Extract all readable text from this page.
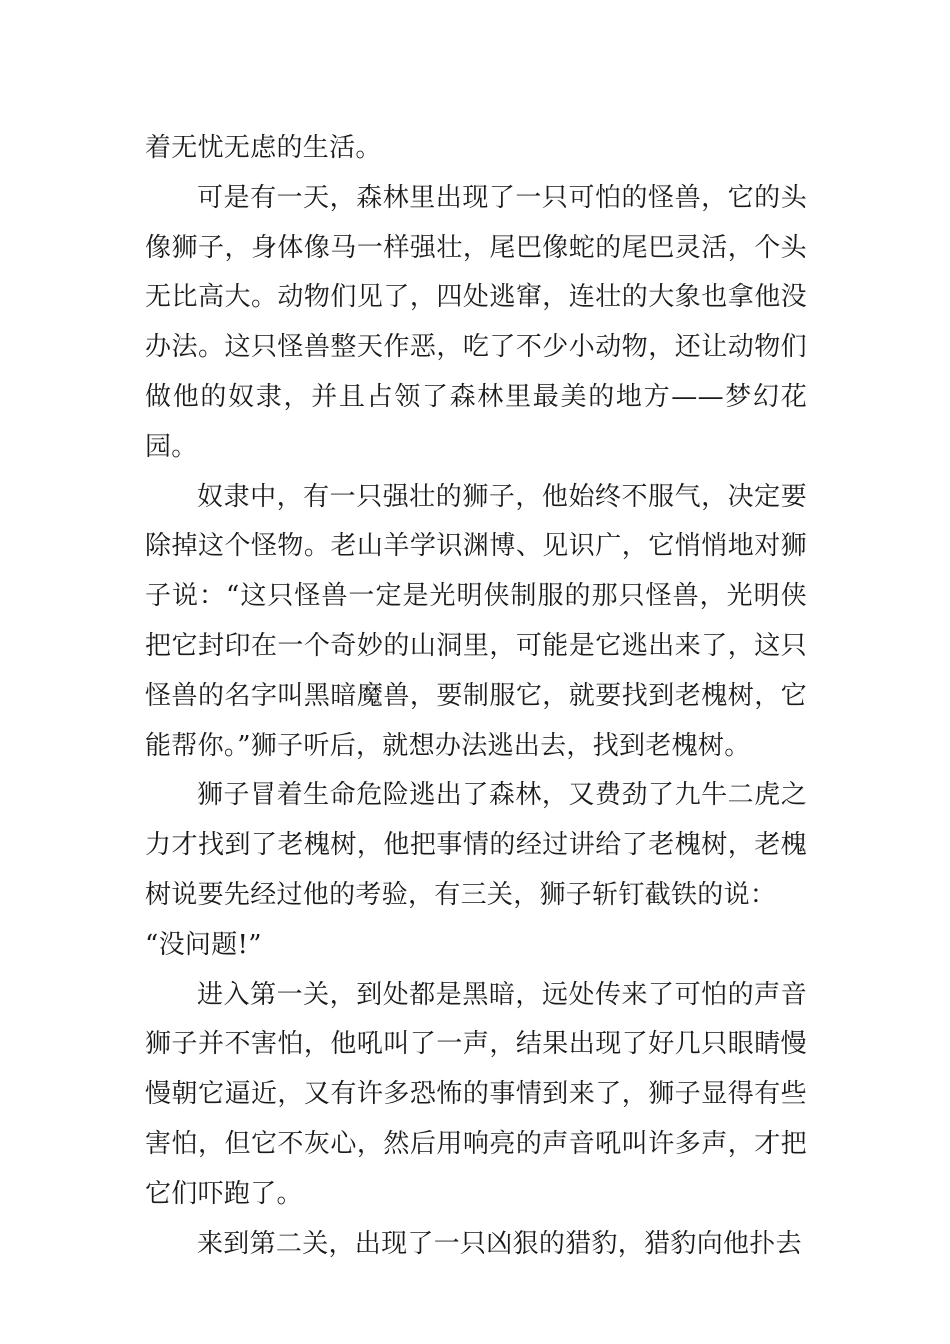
着无忧无虑的生活。

可是有一天，森林里出现了一只可怕的怪兽，它的头像狮子，身体像马一样强壮，尾巴像蛇的尾巴灵活，个头无比高大。动物们见了，四处逃窜，连壮的大象也拿他没办法。这只怪兽整天作恶，吃了不少小动物，还让动物们做他的奴隶，并且占领了森林里最美的地方——梦幻花园。

奴隶中，有一只强壮的狮子，他始终不服气，决定要除掉这个怪物。老山羊学识渊博、见识广，它悄悄地对狮子说：“这只怪兽一定是光明侠制服的那只怪兽，光明侠把它封印在一个奇妙的山洞里，可能是它逃出来了，这只怪兽的名字叫黑暗魔兽，要制服它，就要找到老槐树，它能帮你。”狮子听后，就想办法逃出去，找到老槐树。

狮子冒着生命危险逃出了森林，又费劲了九牛二虎之力才找到了老槐树，他把事情的经过讲给了老槐树，老槐树说要先经过他的考验，有三关，狮子斩钉截铁的说：

“没问题!”

进入第一关，到处都是黑暗，远处传来了可怕的声音狮子并不害怕，他吼叫了一声，结果出现了好几只眼睛慢慢朝它逼近，又有许多恐怖的事情到来了，狮子显得有些害怕，但它不灰心，然后用响亮的声音吼叫许多声，才把它们吓跑了。

来到第二关，出现了一只凶狠的猎豹，猎豹向他扑去
